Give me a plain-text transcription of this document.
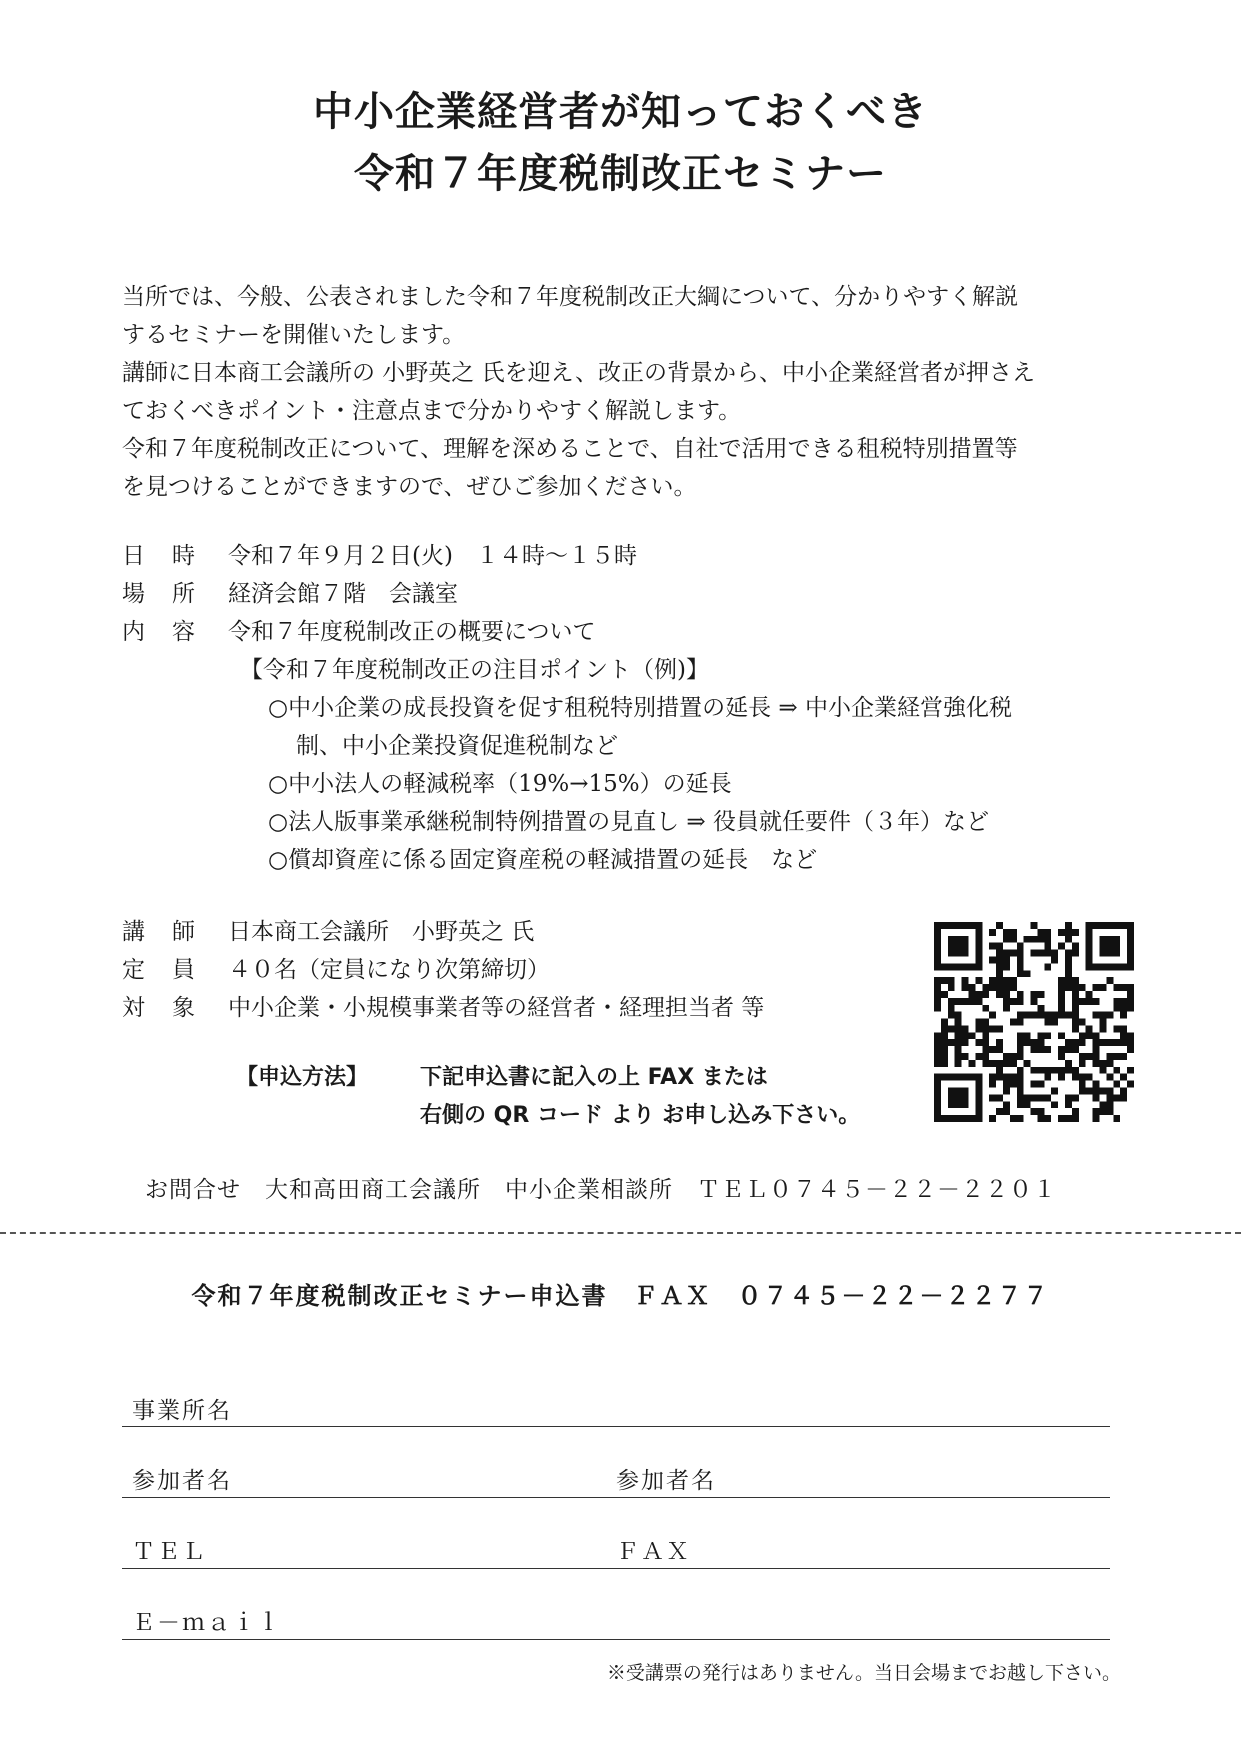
中小企業経営者が知っておくべき
令和７年度税制改正セミナー

当所では、今般、公表されました令和７年度税制改正大綱について、分かりやすく解説

するセミナーを開催いたします。

講師に日本商工会議所の 小野英之 氏を迎え、改正の背景から、中小企業経営者が押さえ

ておくべきポイント・注意点まで分かりやすく解説します。

令和７年度税制改正について、理解を深めることで、自社で活用できる租税特別措置等

を見つけることができますので、ぜひご参加ください。

日 時 令和７年９月２日(火)　１４時～１５時
場 所 経済会館７階　会議室
内 容 令和７年度税制改正の概要について
【令和７年度税制改正の注目ポイント（例)】
○中小企業の成長投資を促す租税特別措置の延長 ⇒ 中小企業経営強化税
制、中小企業投資促進税制など
○中小法人の軽減税率（19%→15%）の延長
○法人版事業承継税制特例措置の見直し ⇒ 役員就任要件（３年）など
○償却資産に係る固定資産税の軽減措置の延長　など
講 師 日本商工会議所　小野英之 氏
定 員 ４０名（定員になり次第締切）
対 象 中小企業・小規模事業者等の経営者・経理担当者 等
【申込方法】 下記申込書に記入の上 FAX または
右側の QR コード より お申し込み下さい。
お問合せ　大和高田商工会議所　中小企業相談所　ＴＥＬ０７４５－２２－２２０１
令和７年度税制改正セミナー申込書　ＦＡＸ　０７４５－２２－２２７７
事業所名
参加者名	参加者名
ＴＥＬ	ＦＡＸ
Ｅ－ｍａｉｌ
※受講票の発行はありません。当日会場までお越し下さい。
